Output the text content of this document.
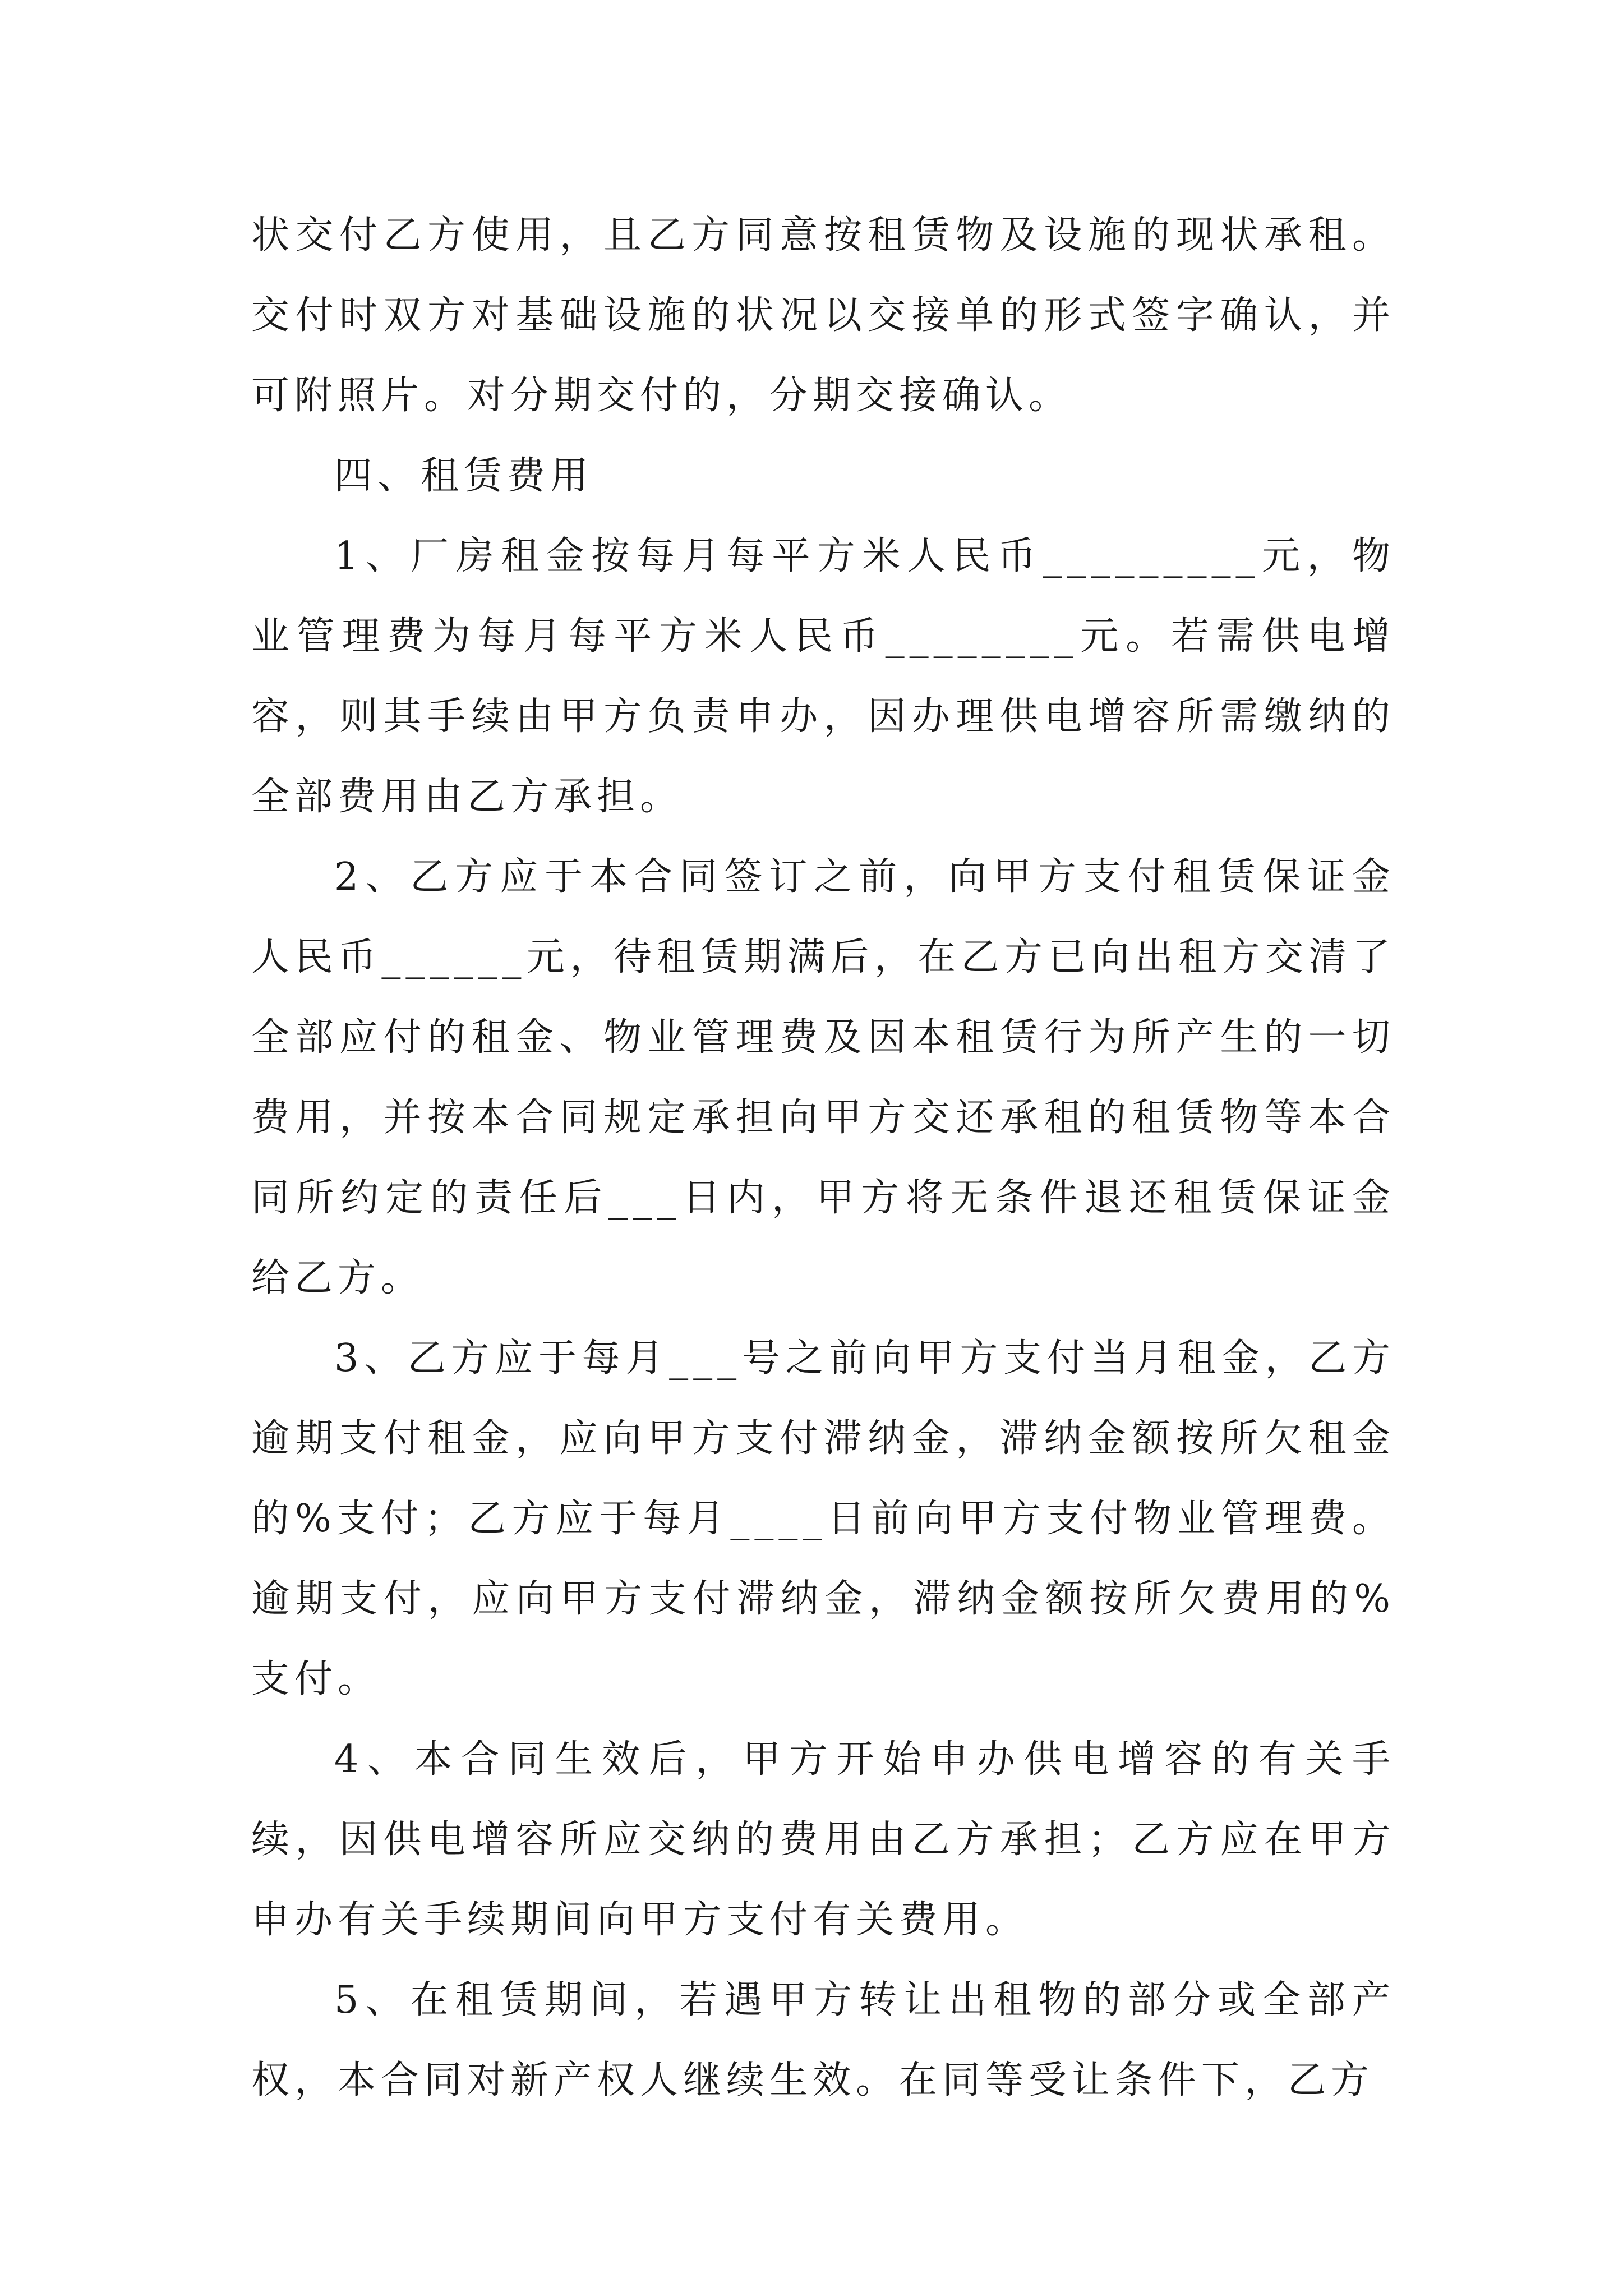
状交付乙方使用，且乙方同意按租赁物及设施的现状承租。交付时双方对基础设施的状况以交接单的形式签字确认，并可附照片。对分期交付的，分期交接确认。

四、租赁费用

1、厂房租金按每月每平方米人民币_________元，物业管理费为每月每平方米人民币________元。若需供电增容，则其手续由甲方负责申办，因办理供电增容所需缴纳的全部费用由乙方承担。

2、乙方应于本合同签订之前，向甲方支付租赁保证金人民币______元，待租赁期满后，在乙方已向出租方交清了全部应付的租金、物业管理费及因本租赁行为所产生的一切费用，并按本合同规定承担向甲方交还承租的租赁物等本合同所约定的责任后___日内，甲方将无条件退还租赁保证金给乙方。

3、乙方应于每月___号之前向甲方支付当月租金，乙方逾期支付租金，应向甲方支付滞纳金，滞纳金额按所欠租金的%支付；乙方应于每月____日前向甲方支付物业管理费。逾期支付，应向甲方支付滞纳金，滞纳金额按所欠费用的%支付。

4、本合同生效后，甲方开始申办供电增容的有关手续，因供电增容所应交纳的费用由乙方承担；乙方应在甲方申办有关手续期间向甲方支付有关费用。

5、在租赁期间，若遇甲方转让出租物的部分或全部产权，本合同对新产权人继续生效。在同等受让条件下，乙方
